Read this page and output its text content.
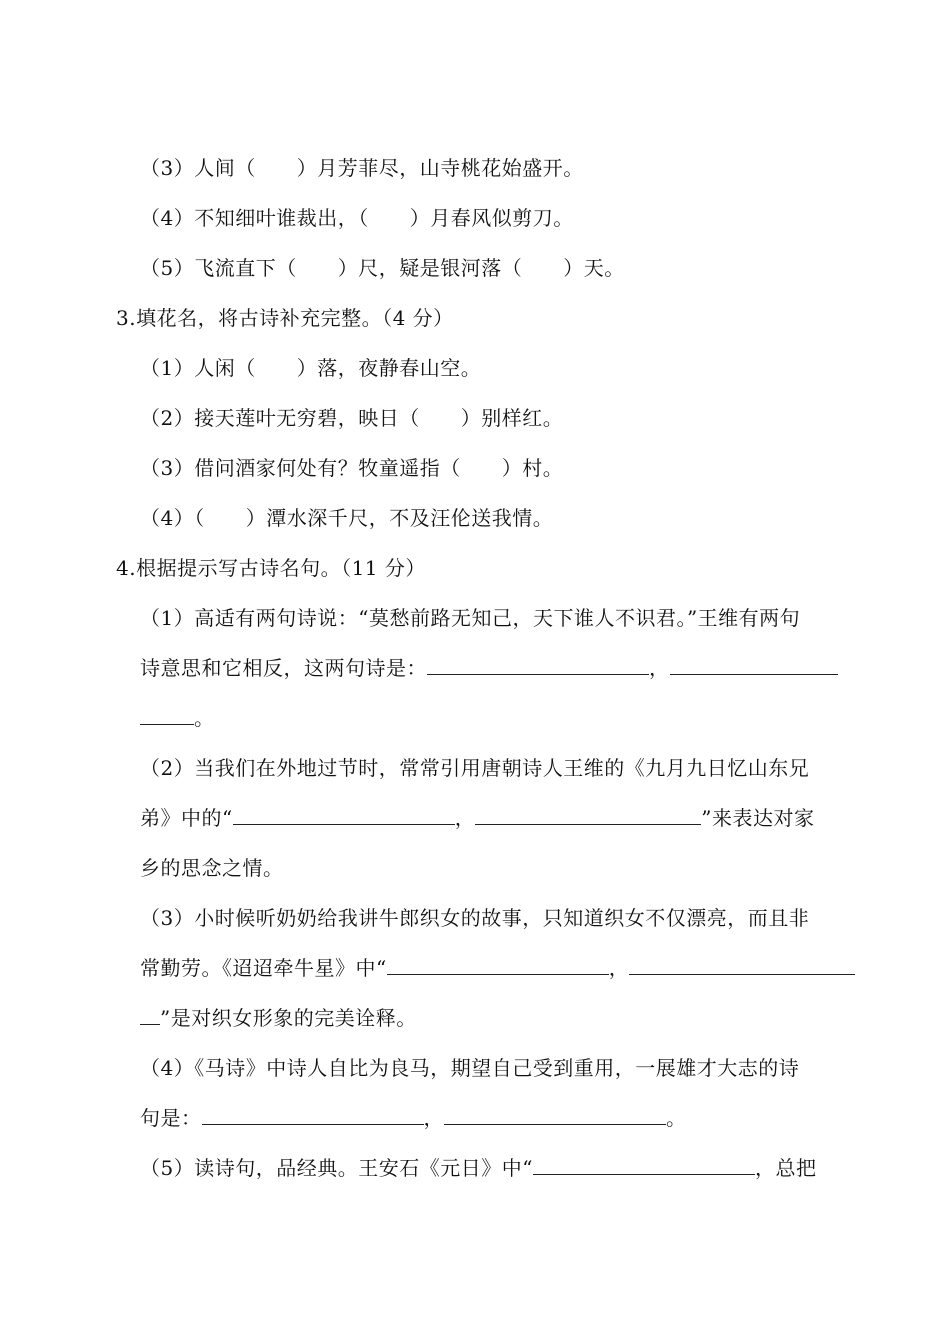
（3）人间（　　）月芳菲尽，山寺桃花始盛开。
（4）不知细叶谁裁出，（　　）月春风似剪刀。
（5）飞流直下（　　）尺，疑是银河落（　　）天。
3.填花名，将古诗补充完整。（4 分）
（1）人闲（　　）落，夜静春山空。
（2）接天莲叶无穷碧，映日（　　）别样红。
（3）借问酒家何处有？牧童遥指（　　）村。
（4）（　　）潭水深千尺，不及汪伦送我情。
4.根据提示写古诗名句。（11 分）
（1）高适有两句诗说：“莫愁前路无知己，天下谁人不识君。”王维有两句
诗意思和它相反，这两句诗是：	，
。
（2）当我们在外地过节时，常常引用唐朝诗人王维的《九月九日忆山东兄
弟》中的“	，	”来表达对家
乡的思念之情。
（3）小时候听奶奶给我讲牛郎织女的故事，只知道织女不仅漂亮，而且非
常勤劳。《迢迢牵牛星》中“	，
”是对织女形象的完美诠释。
（4）《马诗》中诗人自比为良马，期望自己受到重用，一展雄才大志的诗
句是：	，	。
（5）读诗句，品经典。王安石《元日》中“	，总把
